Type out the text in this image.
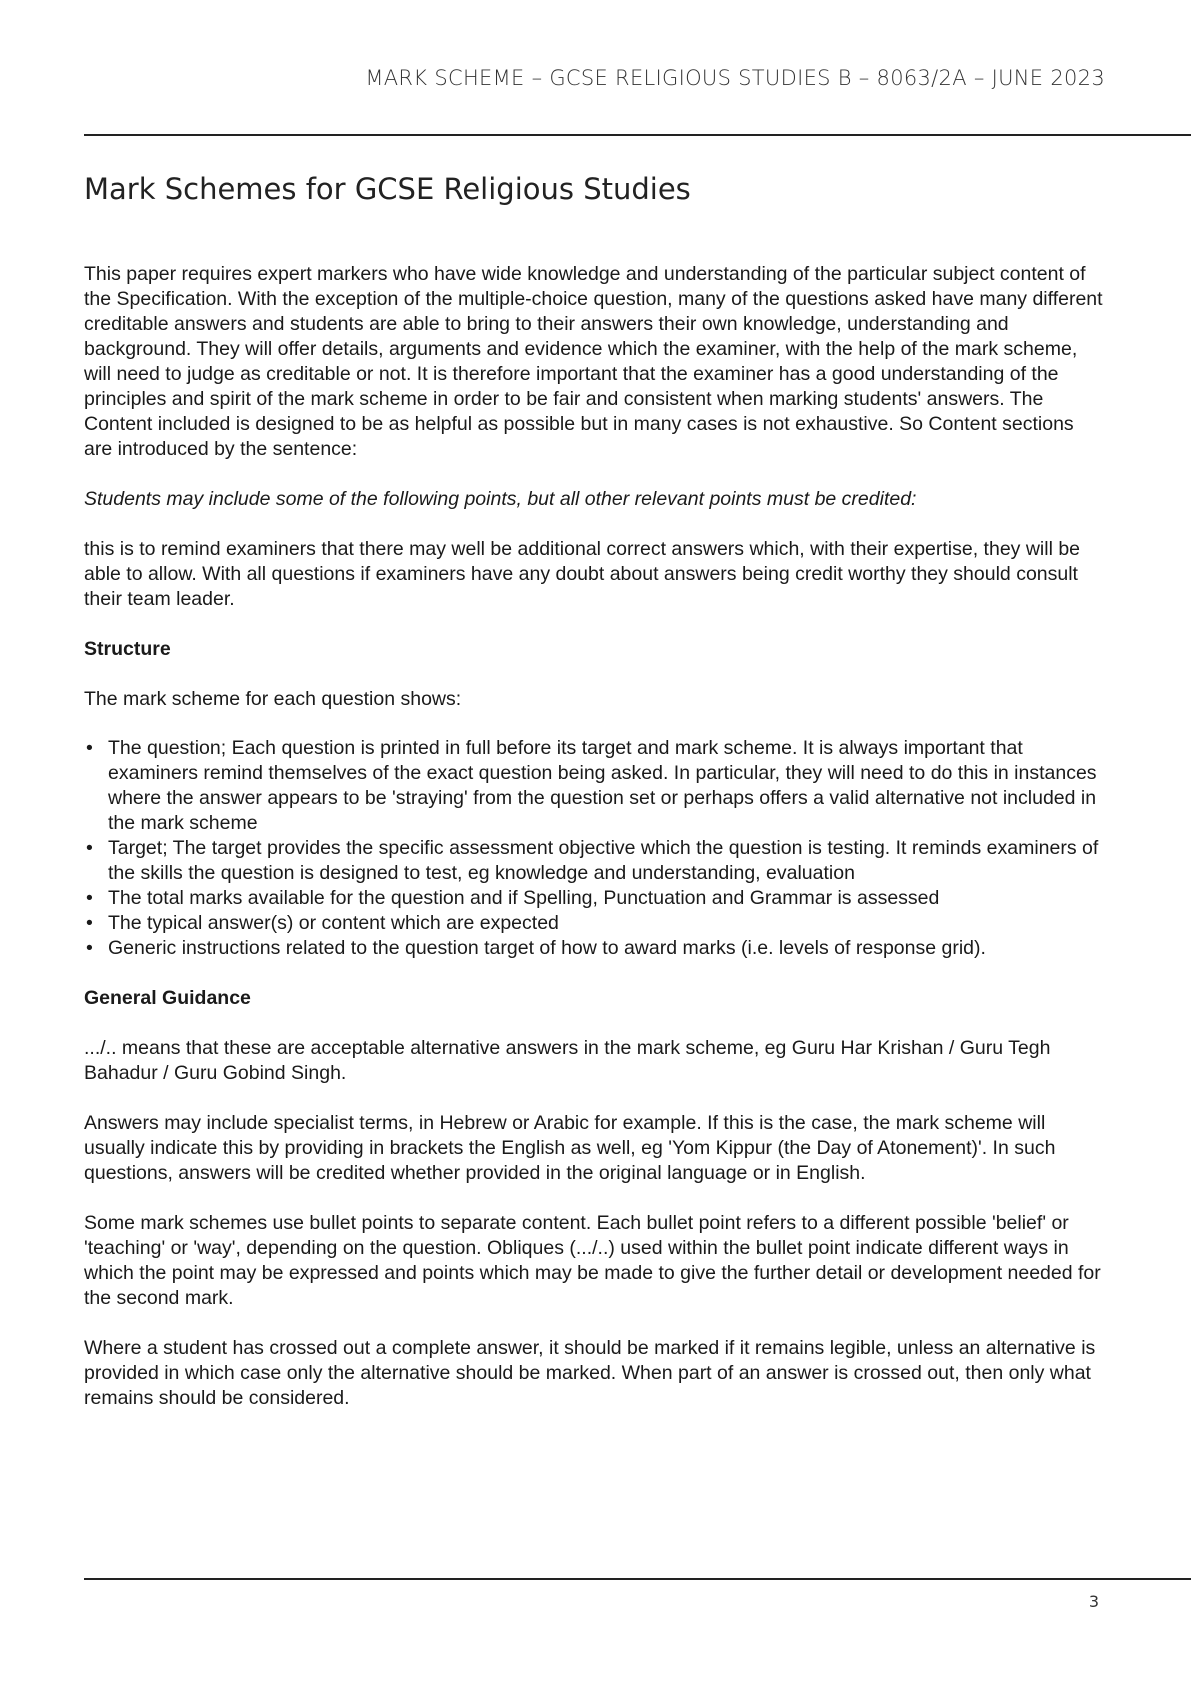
MARK SCHEME – GCSE RELIGIOUS STUDIES B – 8063/2A – JUNE 2023
Mark Schemes for GCSE Religious Studies

This paper requires expert markers who have wide knowledge and understanding of the particular subject content of the Specification. With the exception of the multiple-choice question, many of the questions asked have many different creditable answers and students are able to bring to their answers their own knowledge, understanding and background. They will offer details, arguments and evidence which the examiner, with the help of the mark scheme, will need to judge as creditable or not. It is therefore important that the examiner has a good understanding of the principles and spirit of the mark scheme in order to be fair and consistent when marking students' answers. The Content included is designed to be as helpful as possible but in many cases is not exhaustive. So Content sections are introduced by the sentence:

Students may include some of the following points, but all other relevant points must be credited:

this is to remind examiners that there may well be additional correct answers which, with their expertise, they will be able to allow. With all questions if examiners have any doubt about answers being credit worthy they should consult their team leader.

Structure

The mark scheme for each question shows:

• The question; Each question is printed in full before its target and mark scheme. It is always important that examiners remind themselves of the exact question being asked. In particular, they will need to do this in instances where the answer appears to be 'straying' from the question set or perhaps offers a valid alternative not included in the mark scheme
• Target; The target provides the specific assessment objective which the question is testing. It reminds examiners of the skills the question is designed to test, eg knowledge and understanding, evaluation
• The total marks available for the question and if Spelling, Punctuation and Grammar is assessed
• The typical answer(s) or content which are expected
• Generic instructions related to the question target of how to award marks (i.e. levels of response grid).
General Guidance

.../.. means that these are acceptable alternative answers in the mark scheme, eg Guru Har Krishan / Guru Tegh Bahadur / Guru Gobind Singh.

Answers may include specialist terms, in Hebrew or Arabic for example. If this is the case, the mark scheme will usually indicate this by providing in brackets the English as well, eg 'Yom Kippur (the Day of Atonement)'. In such questions, answers will be credited whether provided in the original language or in English.

Some mark schemes use bullet points to separate content. Each bullet point refers to a different possible 'belief' or 'teaching' or 'way', depending on the question. Obliques (.../..) used within the bullet point indicate different ways in which the point may be expressed and points which may be made to give the further detail or development needed for the second mark.

Where a student has crossed out a complete answer, it should be marked if it remains legible, unless an alternative is provided in which case only the alternative should be marked. When part of an answer is crossed out, then only what remains should be considered.

3
